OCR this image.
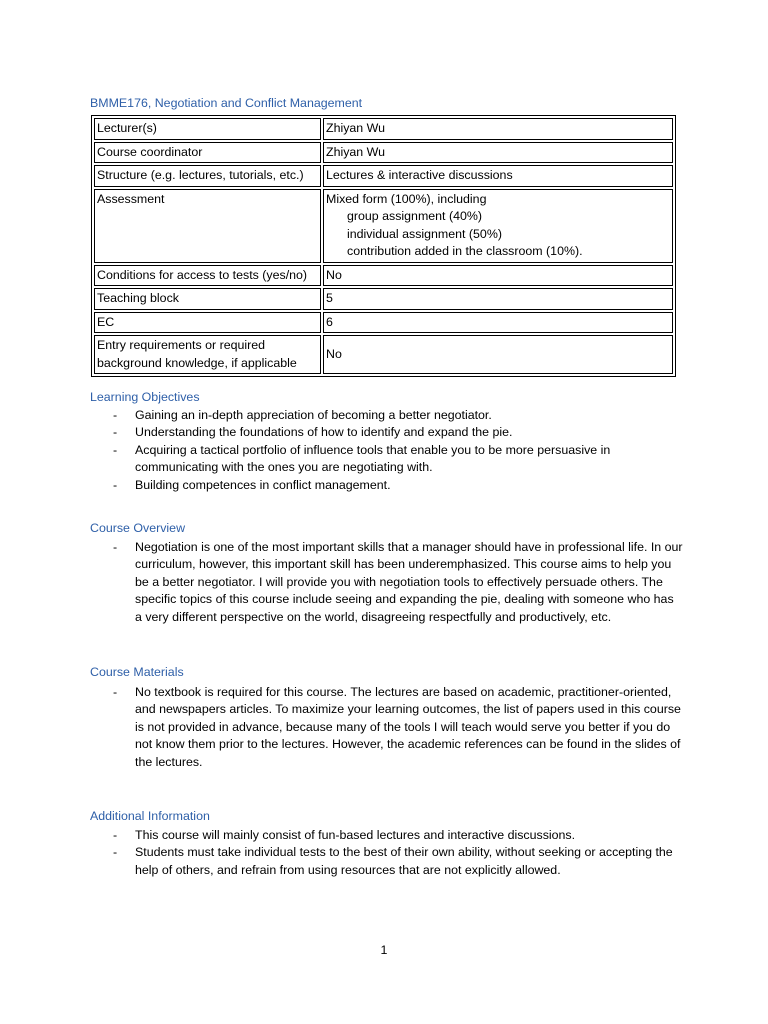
BMME176, Negotiation and Conflict Management
Lecturer(s)	Zhiyan Wu
Course coordinator	Zhiyan Wu
Structure (e.g. lectures, tutorials, etc.)	Lectures & interactive discussions
Assessment	Mixed form (100%), including
group assignment (40%)
individual assignment (50%)
contribution added in the classroom (10%).

Conditions for access to tests (yes/no)	No
Teaching block	5
EC	6

Entry requirements or required
background knowledge, if applicable	No
Learning Objectives
- Gaining an in-depth appreciation of becoming a better negotiator.
- Understanding the foundations of how to identify and expand the pie.
- Acquiring a tactical portfolio of influence tools that enable you to be more persuasive in communicating with the ones you are negotiating with.
- Building competences in conflict management.
Course Overview
- Negotiation is one of the most important skills that a manager should have in professional life. In our curriculum, however, this important skill has been underemphasized. This course aims to help you be a better negotiator. I will provide you with negotiation tools to effectively persuade others. The specific topics of this course include seeing and expanding the pie, dealing with someone who has a very different perspective on the world, disagreeing respectfully and productively, etc.
Course Materials
- No textbook is required for this course. The lectures are based on academic, practitioner-oriented, and newspapers articles. To maximize your learning outcomes, the list of papers used in this course is not provided in advance, because many of the tools I will teach would serve you better if you do not know them prior to the lectures. However, the academic references can be found in the slides of the lectures.
Additional Information
- This course will mainly consist of fun-based lectures and interactive discussions.
- Students must take individual tests to the best of their own ability, without seeking or accepting the help of others, and refrain from using resources that are not explicitly allowed.
1
